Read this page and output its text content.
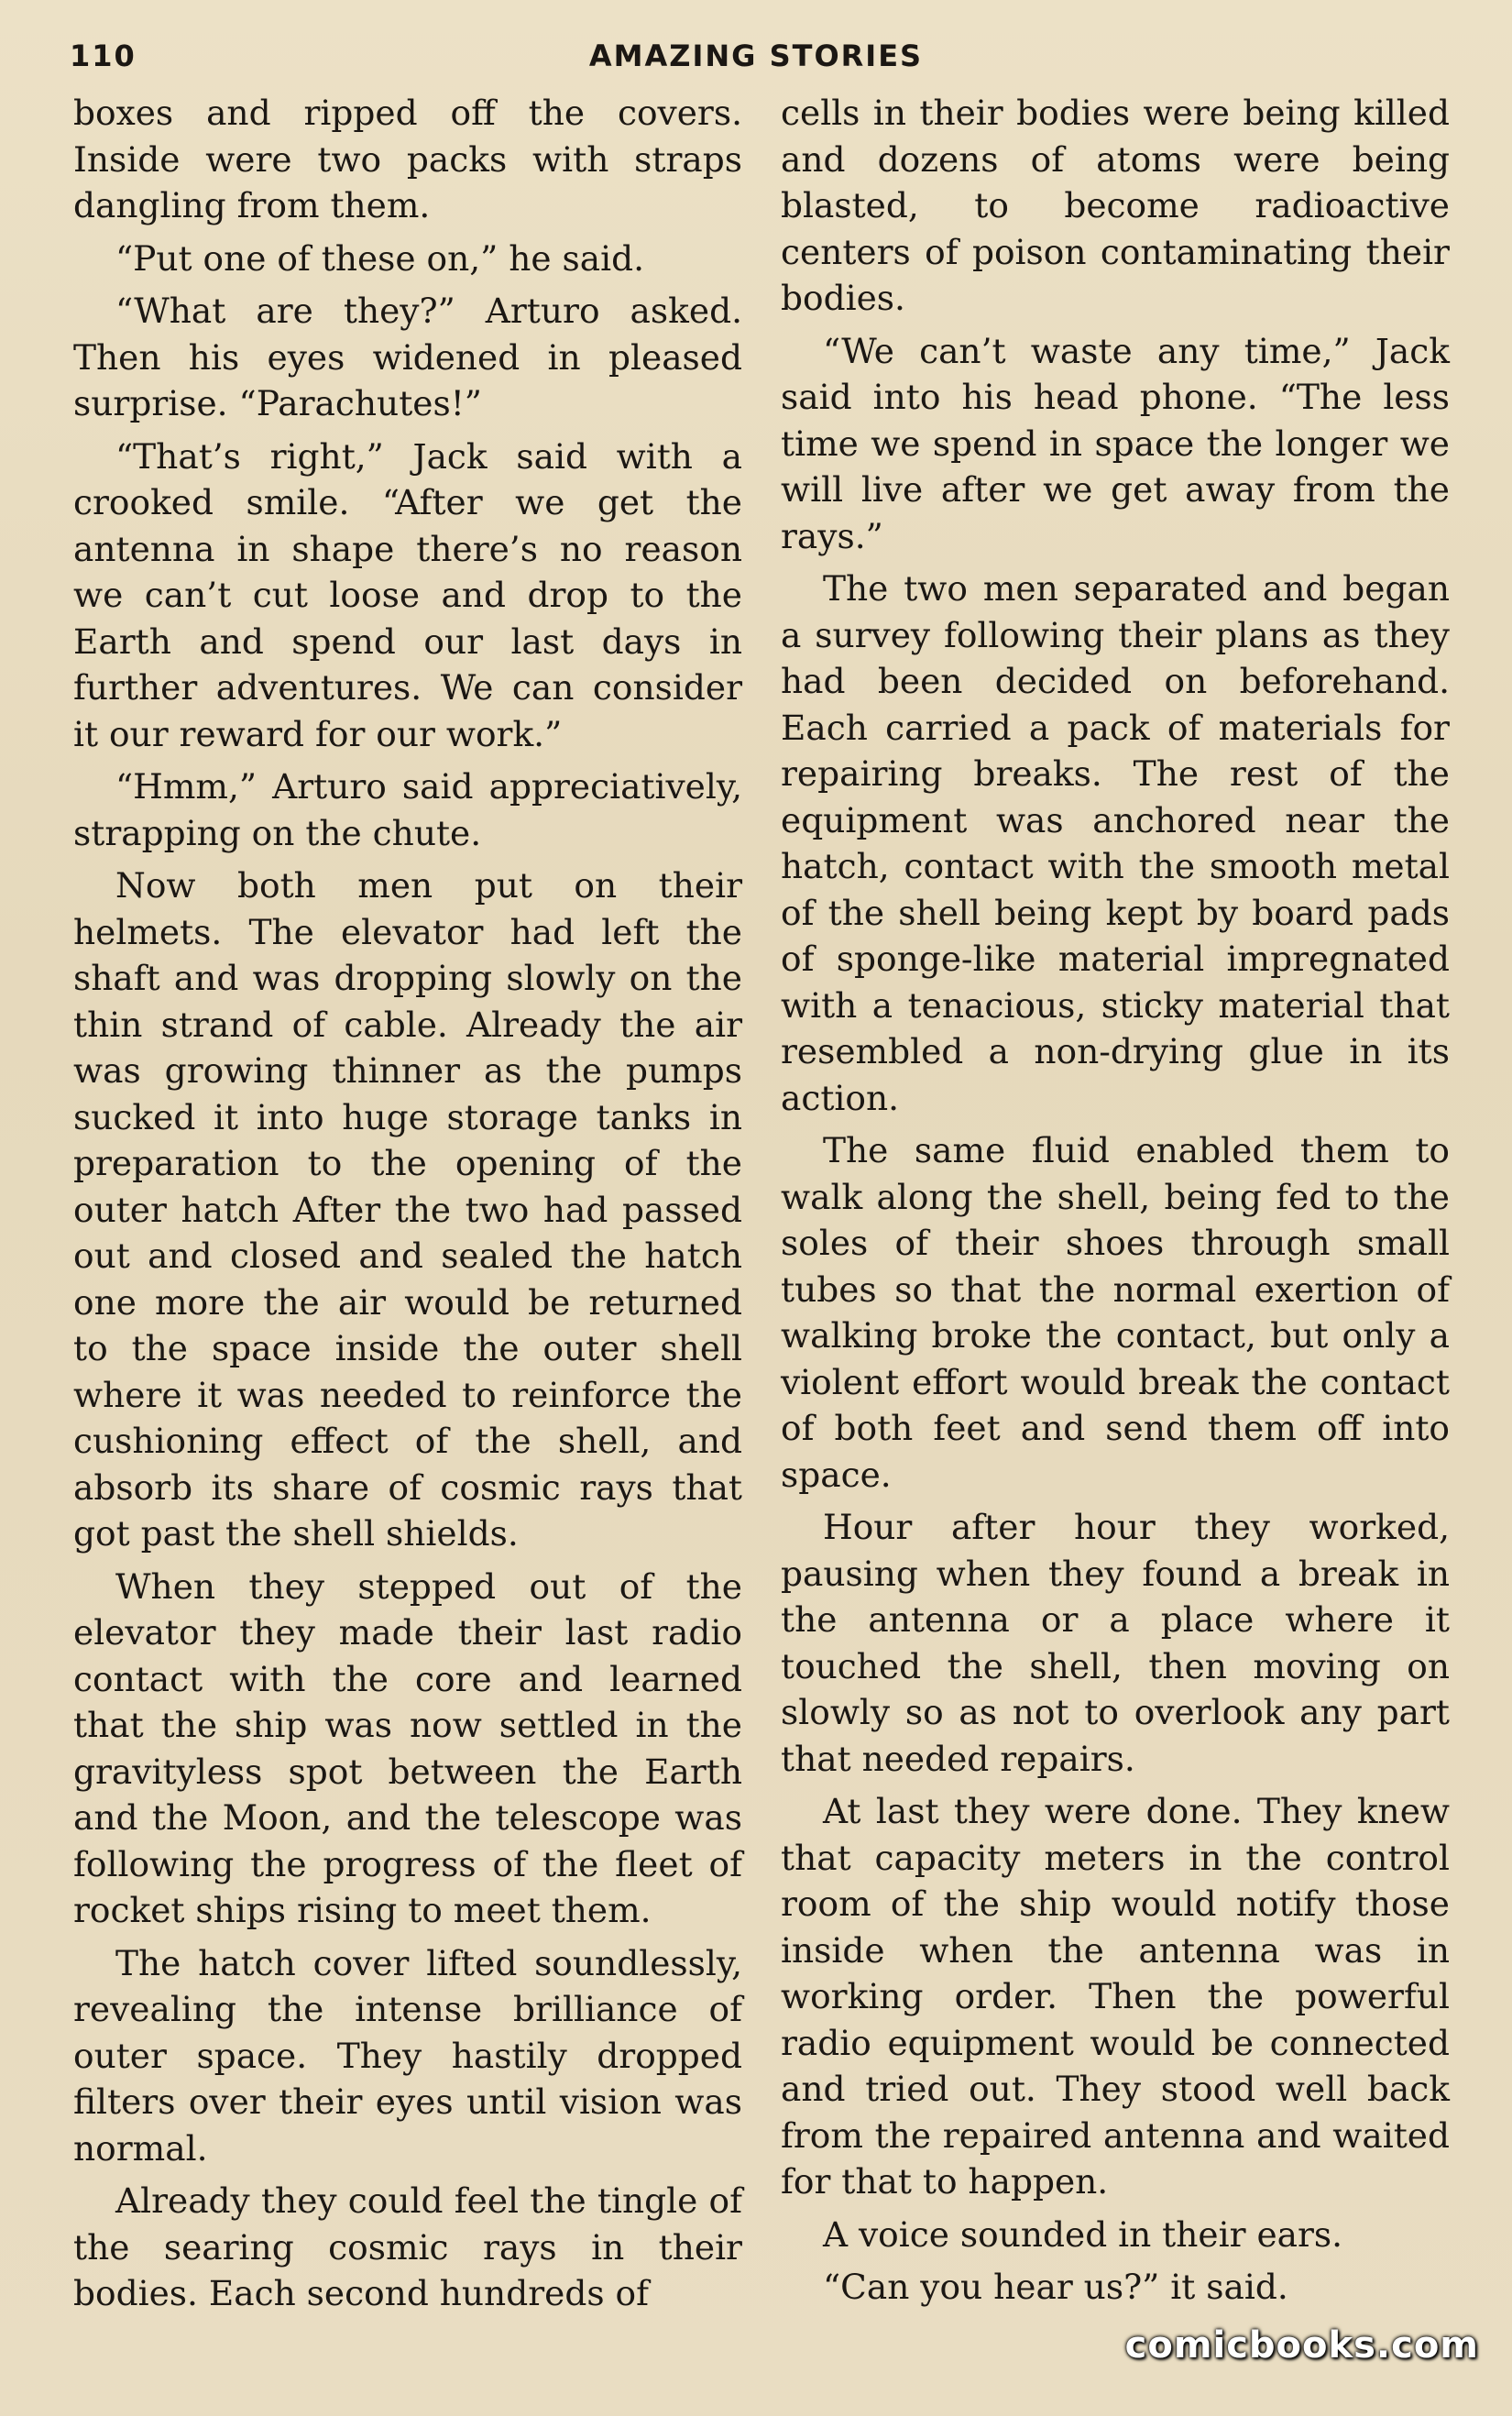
110	AMAZING STORIES

boxes and ripped off the covers. Inside were two packs with straps dangling from them.

“Put one of these on,” he said.

“What are they?” Arturo asked. Then his eyes widened in pleased surprise. “Parachutes!”

“That’s right,” Jack said with a crooked smile. “After we get the antenna in shape there’s no reason we can’t cut loose and drop to the Earth and spend our last days in further adventures. We can consider it our reward for our work.”

“Hmm,” Arturo said appreciatively, strapping on the chute.

Now both men put on their helmets. The elevator had left the shaft and was dropping slowly on the thin strand of cable. Already the air was growing thinner as the pumps sucked it into huge storage tanks in preparation to the opening of the outer hatch After the two had passed out and closed and sealed the hatch one more the air would be returned to the space inside the outer shell where it was needed to reinforce the cushioning effect of the shell, and absorb its share of cosmic rays that got past the shell shields.

When they stepped out of the elevator they made their last radio contact with the core and learned that the ship was now settled in the gravityless spot between the Earth and the Moon, and the telescope was following the progress of the fleet of rocket ships rising to meet them.

The hatch cover lifted soundlessly, revealing the intense brilliance of outer space. They hastily dropped filters over their eyes until vision was normal.

Already they could feel the tingle of the searing cosmic rays in their bodies. Each second hundreds of

cells in their bodies were being killed and dozens of atoms were being blasted, to become radioactive centers of poison contaminating their bodies.

“We can’t waste any time,” Jack said into his head phone. “The less time we spend in space the longer we will live after we get away from the rays.”

The two men separated and began a survey following their plans as they had been decided on beforehand. Each carried a pack of materials for repairing breaks. The rest of the equipment was anchored near the hatch, contact with the smooth metal of the shell being kept by board pads of sponge-like material impregnated with a tenacious, sticky material that resembled a non-drying glue in its action.

The same fluid enabled them to walk along the shell, being fed to the soles of their shoes through small tubes so that the normal exertion of walking broke the contact, but only a violent effort would break the contact of both feet and send them off into space.

Hour after hour they worked, pausing when they found a break in the antenna or a place where it touched the shell, then moving on slowly so as not to overlook any part that needed repairs.

At last they were done. They knew that capacity meters in the control room of the ship would notify those inside when the antenna was in working order. Then the powerful radio equipment would be connected and tried out. They stood well back from the repaired antenna and waited for that to happen.

A voice sounded in their ears.

“Can you hear us?” it said.

comicbooks.com
